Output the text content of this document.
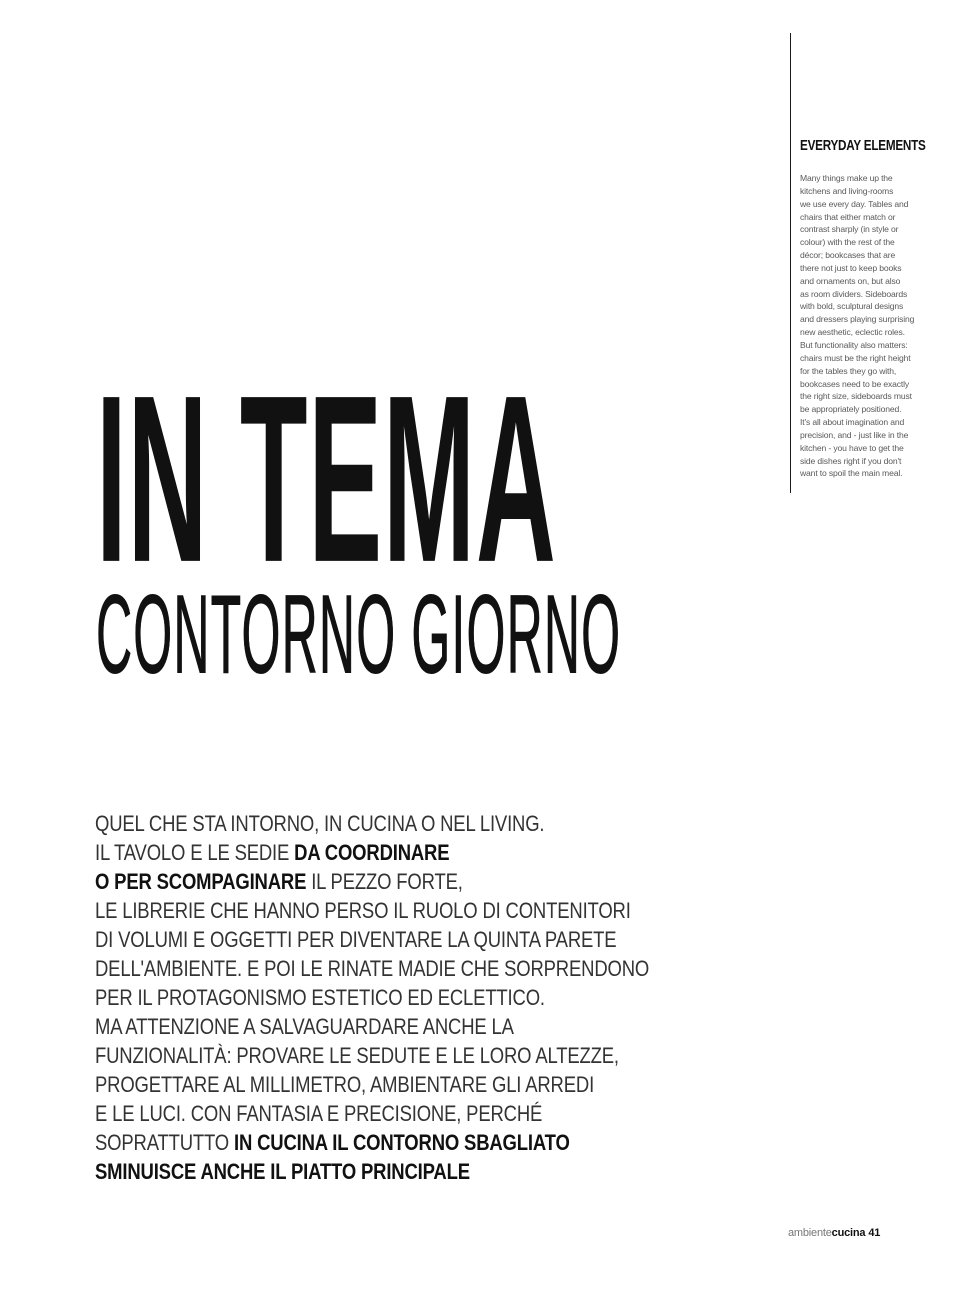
EVERYDAY ELEMENTS

Many things make up the
kitchens and living-rooms
we use every day. Tables and
chairs that either match or
contrast sharply (in style or
colour) with the rest of the
décor; bookcases that are
there not just to keep books
and ornaments on, but also
as room dividers. Sideboards
with bold, sculptural designs
and dressers playing surprising
new aesthetic, eclectic roles.
But functionality also matters:
chairs must be the right height
for the tables they go with,
bookcases need to be exactly
the right size, sideboards must
be appropriately positioned.
It's all about imagination and
precision, and - just like in the
kitchen - you have to get the
side dishes right if you don't
want to spoil the main meal.

IN TEMA
CONTORNO GIORNO
QUEL CHE STA INTORNO, IN CUCINA O NEL LIVING.
IL TAVOLO E LE SEDIE DA COORDINARE
O PER SCOMPAGINARE IL PEZZO FORTE,
LE LIBRERIE CHE HANNO PERSO IL RUOLO DI CONTENITORI
DI VOLUMI E OGGETTI PER DIVENTARE LA QUINTA PARETE
DELL'AMBIENTE. E POI LE RINATE MADIE CHE SORPRENDONO
PER IL PROTAGONISMO ESTETICO ED ECLETTICO.
MA ATTENZIONE A SALVAGUARDARE ANCHE LA
FUNZIONALITÀ: PROVARE LE SEDUTE E LE LORO ALTEZZE,
PROGETTARE AL MILLIMETRO, AMBIENTARE GLI ARREDI
E LE LUCI. CON FANTASIA E PRECISIONE, PERCHÉ
SOPRATTUTTO IN CUCINA IL CONTORNO SBAGLIATO
SMINUISCE ANCHE IL PIATTO PRINCIPALE
ambientecucina 41
